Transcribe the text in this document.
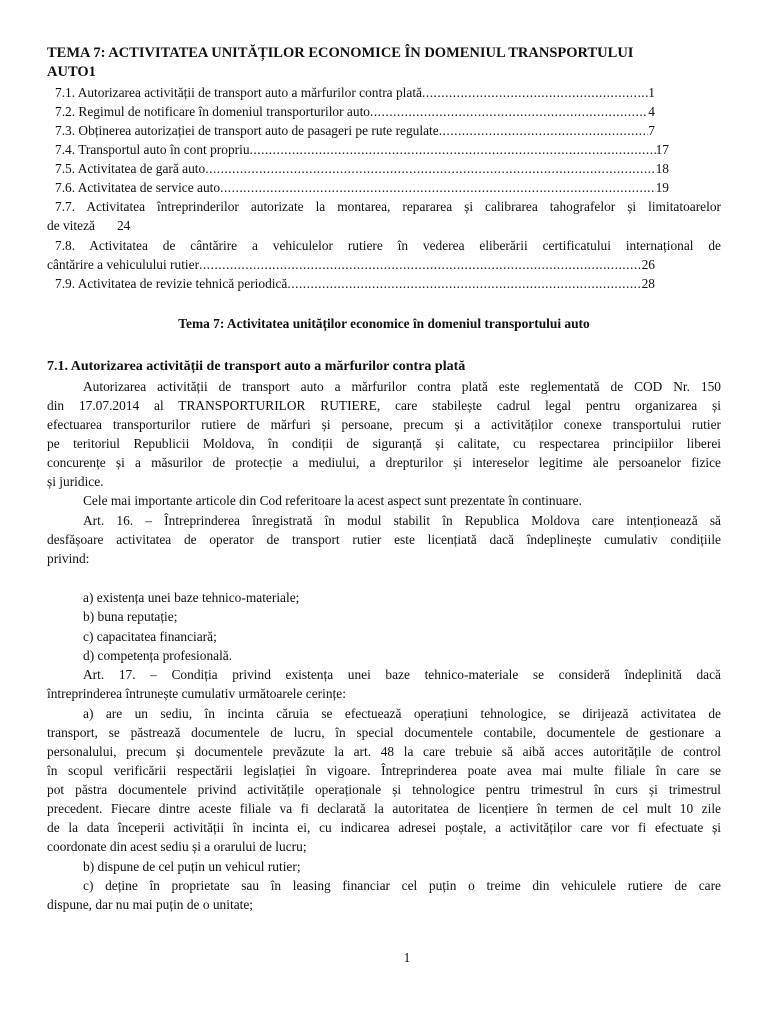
TEMA 7: ACTIVITATEA UNITĂȚILOR ECONOMICE ÎN DOMENIUL TRANSPORTULUI
AUTO1
7.1. Autorizarea activității de transport auto a mărfurilor contra plată .....	1
7.2. Regimul de notificare în domeniul transporturilor auto .....	4
7.3. Obținerea autorizației de transport auto de pasageri pe rute regulate .....	7
7.4. Transportul auto în cont propriu .....	17
7.5. Activitatea de gară auto .....	18
7.6. Activitatea de service auto .....	19
7.7. Activitatea întreprinderilor autorizate la montarea, repararea și calibrarea tahografelor și limitatoarelor
de viteză 24
7.8. Activitatea de cântărire a vehiculelor rutiere în vederea eliberării certificatului internațional de
cântărire a vehiculului rutier .....	26
7.9. Activitatea de revizie tehnică periodică .....	28
Tema 7: Activitatea unităților economice în domeniul transportului auto
7.1. Autorizarea activității de transport auto a mărfurilor contra plată
Autorizarea activității de transport auto a mărfurilor contra plată este reglementată de COD Nr. 150
din 17.07.2014 al TRANSPORTURILOR RUTIERE, care stabilește cadrul legal pentru organizarea și
efectuarea transporturilor rutiere de mărfuri și persoane, precum și a activităților conexe transportului rutier
pe teritoriul Republicii Moldova, în condiții de siguranță și calitate, cu respectarea principiilor liberei
concurențe și a măsurilor de protecție a mediului, a drepturilor și intereselor legitime ale persoanelor fizice
și juridice.
Cele mai importante articole din Cod referitoare la acest aspect sunt prezentate în continuare.
Art. 16. – Întreprinderea înregistrată în modul stabilit în Republica Moldova care intenționează să
desfășoare activitatea de operator de transport rutier este licențiată dacă îndeplinește cumulativ condițiile
privind:
a) existența unei baze tehnico-materiale;
b) buna reputație;
c) capacitatea financiară;
d) competența profesională.
Art. 17. – Condiția privind existența unei baze tehnico-materiale se consideră îndeplinită dacă
întreprinderea întrunește cumulativ următoarele cerințe:
a) are un sediu, în incinta căruia se efectuează operațiuni tehnologice, se dirijează activitatea de
transport, se păstrează documentele de lucru, în special documentele contabile, documentele de gestionare a
personalului, precum și documentele prevăzute la art. 48 la care trebuie să aibă acces autoritățile de control
în scopul verificării respectării legislației în vigoare. Întreprinderea poate avea mai multe filiale în care se
pot păstra documentele privind activitățile operaționale și tehnologice pentru trimestrul în curs și trimestrul
precedent. Fiecare dintre aceste filiale va fi declarată la autoritatea de licențiere în termen de cel mult 10 zile
de la data începerii activității în incinta ei, cu indicarea adresei poștale, a activităților care vor fi efectuate și
coordonate din acest sediu și a orarului de lucru;
b) dispune de cel puțin un vehicul rutier;
c) deține în proprietate sau în leasing financiar cel puțin o treime din vehiculele rutiere de care
dispune, dar nu mai puțin de o unitate;
1
